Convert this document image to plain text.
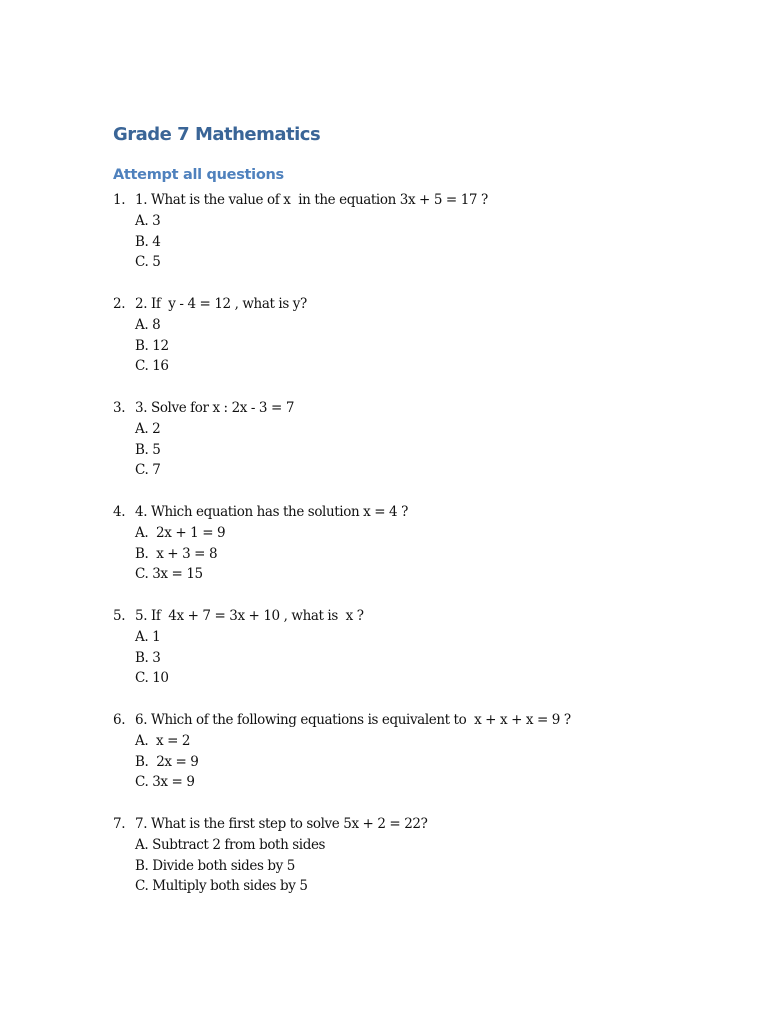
Grade 7 Mathematics
Attempt all questions
1. 1. What is the value of x  in the equation 3x + 5 = 17 ?
A. 3
B. 4
C. 5
2. 2. If  y - 4 = 12 , what is y?
A. 8
B. 12
C. 16
3. 3. Solve for x : 2x - 3 = 7
A. 2
B. 5
C. 7
4. 4. Which equation has the solution x = 4 ?
A.  2x + 1 = 9
B.  x + 3 = 8
C. 3x = 15
5. 5. If  4x + 7 = 3x + 10 , what is  x ?
A. 1
B. 3
C. 10
6. 6. Which of the following equations is equivalent to  x + x + x = 9 ?
A.  x = 2
B.  2x = 9
C. 3x = 9
7. 7. What is the first step to solve 5x + 2 = 22?
A. Subtract 2 from both sides
B. Divide both sides by 5
C. Multiply both sides by 5
